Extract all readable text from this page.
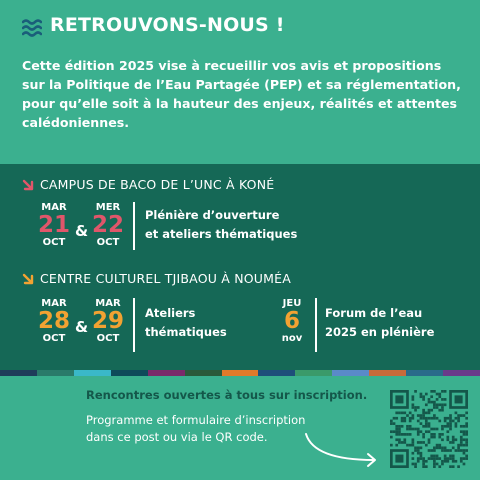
RETROUVONS-NOUS !
Cette édition 2025 vise à recueillir vos avis et propositions sur la Politique de l’Eau Partagée (PEP) et sa réglementation, pour qu’elle soit à la hauteur des enjeux, réalités et attentes calédoniennes.
CAMPUS DE BACO DE L’UNC À KONÉ
MAR
21
OCT
&
MER
22
OCT
Plénière d’ouverture
et ateliers thématiques
CENTRE CULTUREL TJIBAOU À NOUMÉA
MAR
28
OCT
&
MAR
29
OCT
Ateliers
thématiques
JEU
6
nov
Forum de l’eau
2025 en plénière
Rencontres ouvertes à tous sur inscription.
Programme et formulaire d’inscription
dans ce post ou via le QR code.
